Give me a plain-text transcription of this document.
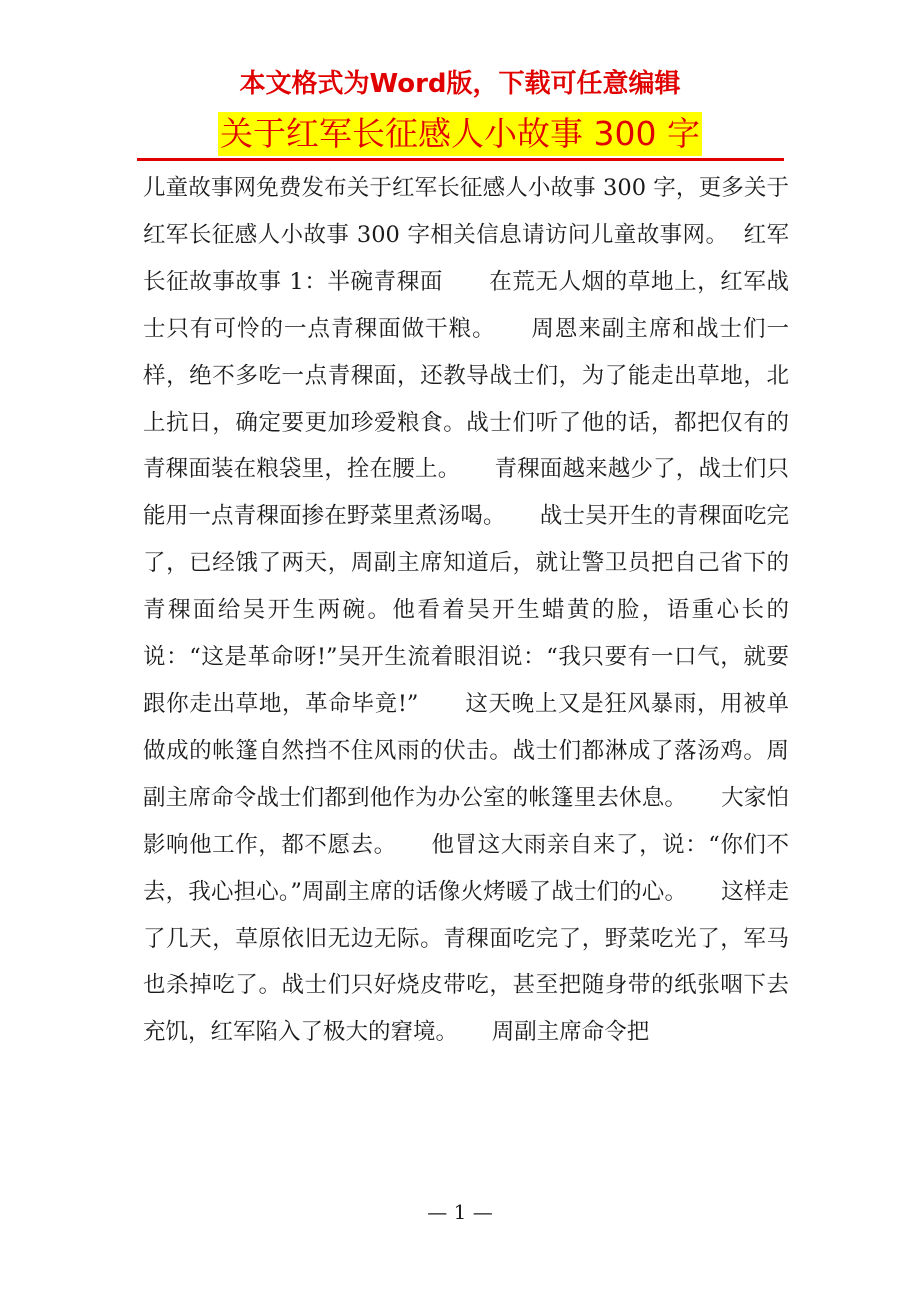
本文格式为Word版，下载可任意编辑

关于红军长征感人小故事 300 字

儿童故事网免费发布关于红军长征感人小故事 300 字，更多关于红军长征感人小故事 300 字相关信息请访问儿童故事网。  红军长征故事故事 1：半碗青稞面　　在荒无人烟的草地上，红军战士只有可怜的一点青稞面做干粮。　　周恩来副主席和战士们一样，绝不多吃一点青稞面，还教导战士们，为了能走出草地，北上抗日，确定要更加珍爱粮食。战士们听了他的话，都把仅有的青稞面装在粮袋里，拴在腰上。　　青稞面越来越少了，战士们只能用一点青稞面掺在野菜里煮汤喝。　　战士吴开生的青稞面吃完了，已经饿了两天，周副主席知道后，就让警卫员把自己省下的青稞面给吴开生两碗。他看着吴开生蜡黄的脸，语重心长的说：“这是革命呀!”吴开生流着眼泪说：“我只要有一口气，就要跟你走出草地，革命毕竟!”　　这天晚上又是狂风暴雨，用被单做成的帐篷自然挡不住风雨的伏击。战士们都淋成了落汤鸡。周副主席命令战士们都到他作为办公室的帐篷里去休息。　　大家怕影响他工作，都不愿去。　　他冒这大雨亲自来了，说：“你们不去，我心担心。”周副主席的话像火烤暖了战士们的心。　　这样走了几天，草原依旧无边无际。青稞面吃完了，野菜吃光了，军马也杀掉吃了。战士们只好烧皮带吃，甚至把随身带的纸张咽下去充饥，红军陷入了极大的窘境。　　周副主席命令把

— 1 —
